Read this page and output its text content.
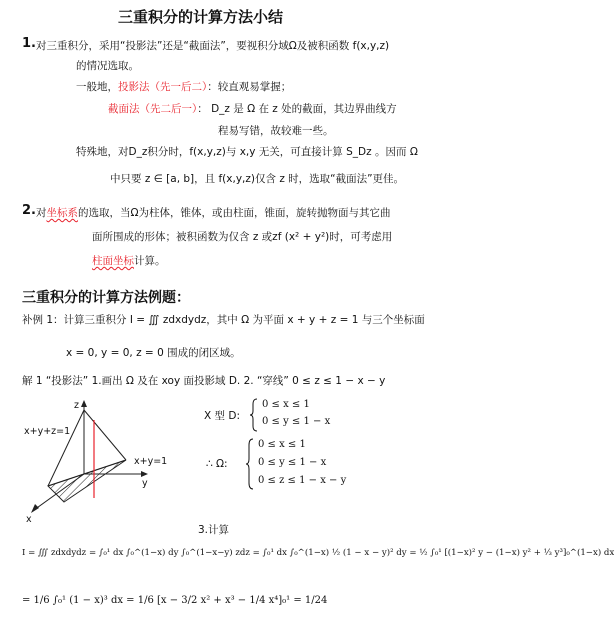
三重积分的计算方法小结
1. 对三重积分，采用“投影法”还是“截面法”，要视积分域Ω及被积函数 f(x,y,z)
的情况选取。
一般地，投影法（先一后二）：较直观易掌握；
截面法（先二后一）： D_z 是 Ω 在 z 处的截面，其边界曲线方
程易写错，故较难一些。
特殊地，对D_z积分时，f(x,y,z)与 x,y 无关，可直接计算 S_Dz 。因而 Ω
中只要 z ∈ [a, b]，且 f(x,y,z)仅含 z 时，选取“截面法”更佳。
2. 对坐标系的选取，当Ω为柱体，锥体，或由柱面，锥面，旋转抛物面与其它曲
面所围成的形体；被积函数为仅含 z 或zf (x² + y²)时，可考虑用
柱面坐标计算。
三重积分的计算方法例题：
补例 1：计算三重积分 I = ∭ zdxdydz，其中 Ω 为平面 x + y + z = 1 与三个坐标面
x = 0, y = 0, z = 0 围成的闭区域。
解 1 “投影法” 1.画出 Ω 及在 xoy 面投影域 D. 2. “穿线” 0 ≤ z ≤ 1 − x − y
x+y+z=1
x+y=1
z
y
x
X 型 D:
0 ≤ x ≤ 1
0 ≤ y ≤ 1 − x
∴ Ω:
0 ≤ x ≤ 1
0 ≤ y ≤ 1 − x
0 ≤ z ≤ 1 − x − y
3.计算
I = ∭ zdxdydz = ∫₀¹ dx ∫₀^(1−x) dy ∫₀^(1−x−y) zdz = ∫₀¹ dx ∫₀^(1−x) ½ (1 − x − y)² dy = ½ ∫₀¹ [(1−x)² y − (1−x) y² + ⅓ y³]₀^(1−x) dx
= 1/6 ∫₀¹ (1 − x)³ dx = 1/6 [x − 3/2 x² + x³ − 1/4 x⁴]₀¹ = 1/24
